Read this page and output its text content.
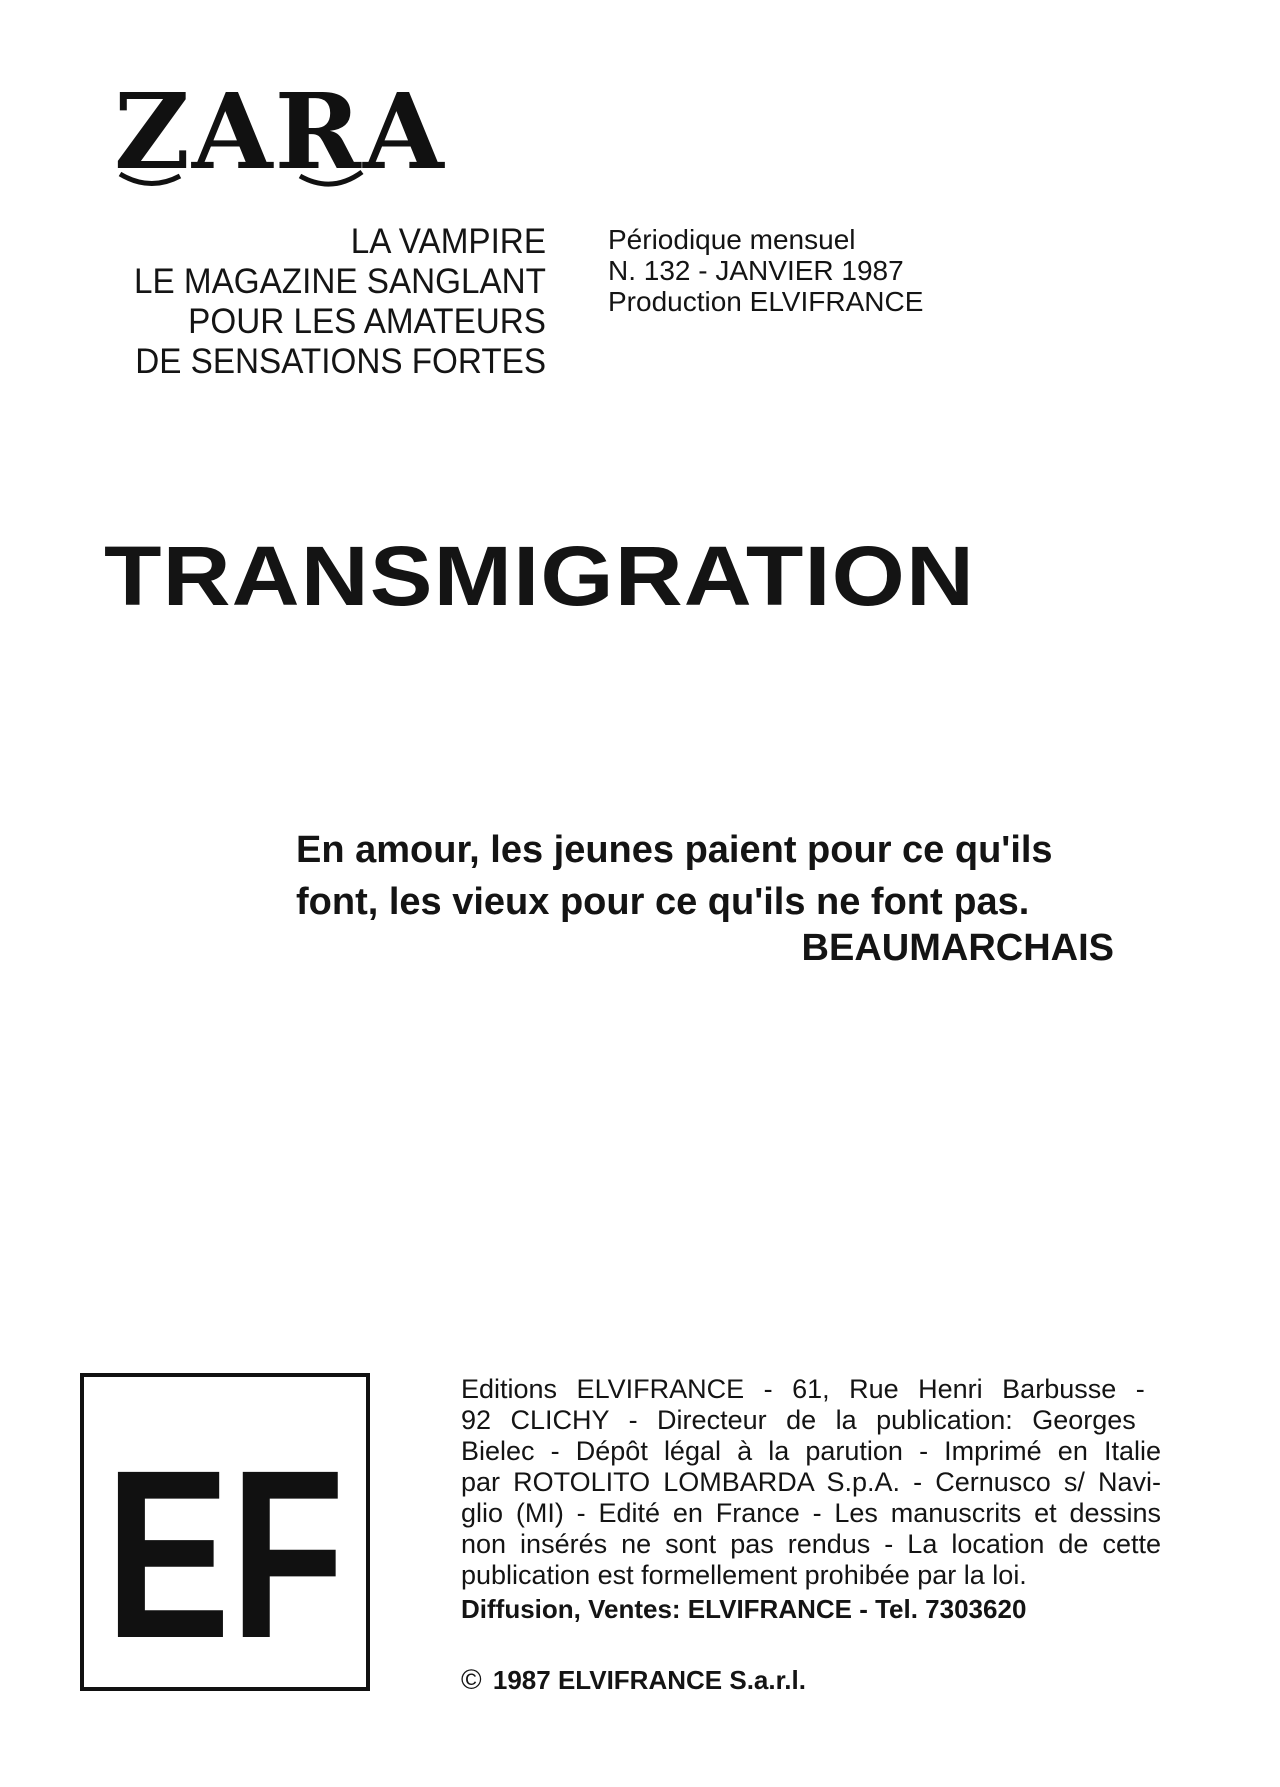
ZARA
LA VAMPIRE
LE MAGAZINE SANGLANT
POUR LES AMATEURS
DE SENSATIONS FORTES
Périodique mensuel
N. 132 - JANVIER 1987
Production ELVIFRANCE
TRANSMIGRATION
En amour, les jeunes paient pour ce qu'ils
font, les vieux pour ce qu'ils ne font pas.
BEAUMARCHAIS
EF
Editions ELVIFRANCE - 61, Rue Henri Barbusse -
92 CLICHY - Directeur de la publication: Georges
Bielec - Dépôt légal à la parution - Imprimé en Italie
par ROTOLITO LOMBARDA S.p.A. - Cernusco s/ Navi-
glio (MI) - Edité en France - Les manuscrits et dessins
non insérés ne sont pas rendus - La location de cette
publication est formellement prohibée par la loi.
Diffusion, Ventes: ELVIFRANCE - Tel. 7303620
© 1987 ELVIFRANCE S.a.r.l.
